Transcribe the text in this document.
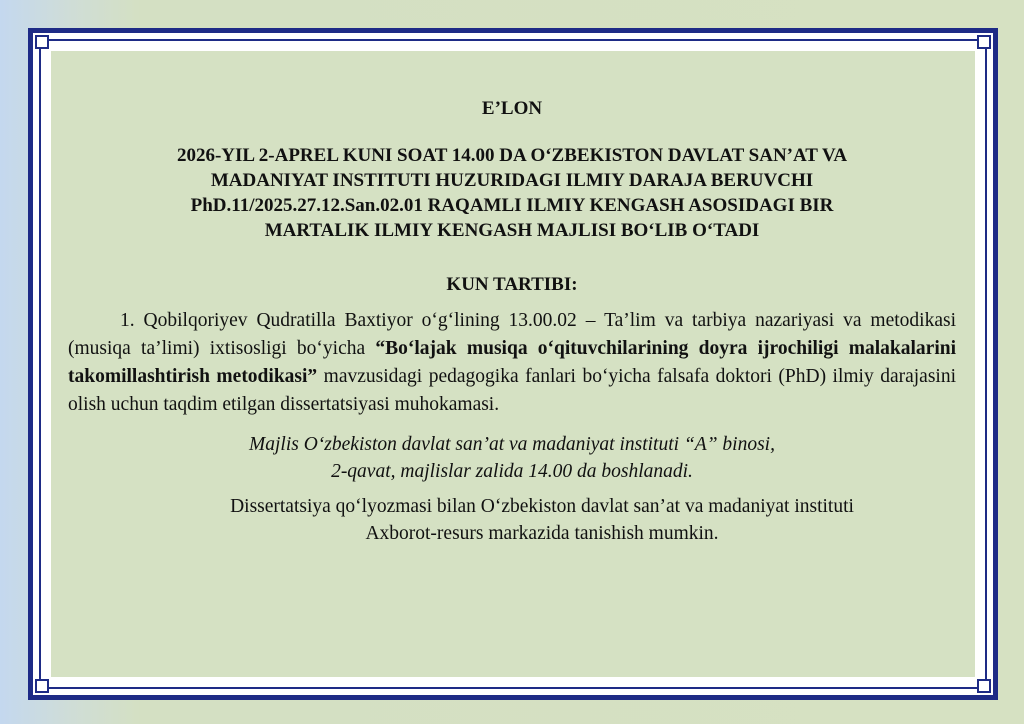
E’LON

2026-YIL 2-APREL KUNI SOAT 14.00 DA O‘ZBEKISTON DAVLAT SAN’AT VA
MADANIYAT INSTITUTI HUZURIDAGI ILMIY DARAJA BERUVCHI
PhD.11/2025.27.12.San.02.01 RAQAMLI ILMIY KENGASH ASOSIDAGI BIR
MARTALIK ILMIY KENGASH MAJLISI BO‘LIB O‘TADI

KUN TARTIBI:

1. Qobilqoriyev Qudratilla Baxtiyor o‘g‘lining 13.00.02 – Ta’lim va tarbiya nazariyasi va metodikasi (musiqa ta’limi) ixtisosligi bo‘yicha “Bo‘lajak musiqa o‘qituvchilarining doyra ijrochiligi malakalarini takomillashtirish metodikasi” mavzusidagi pedagogika fanlari bo‘yicha falsafa doktori (PhD) ilmiy darajasini olish uchun taqdim etilgan dissertatsiyasi muhokamasi.

Majlis O‘zbekiston davlat san’at va madaniyat instituti “A” binosi,
2-qavat, majlislar zalida 14.00 da boshlanadi.

Dissertatsiya qo‘lyozmasi bilan O‘zbekiston davlat san’at va madaniyat instituti
Axborot-resurs markazida tanishish mumkin.
